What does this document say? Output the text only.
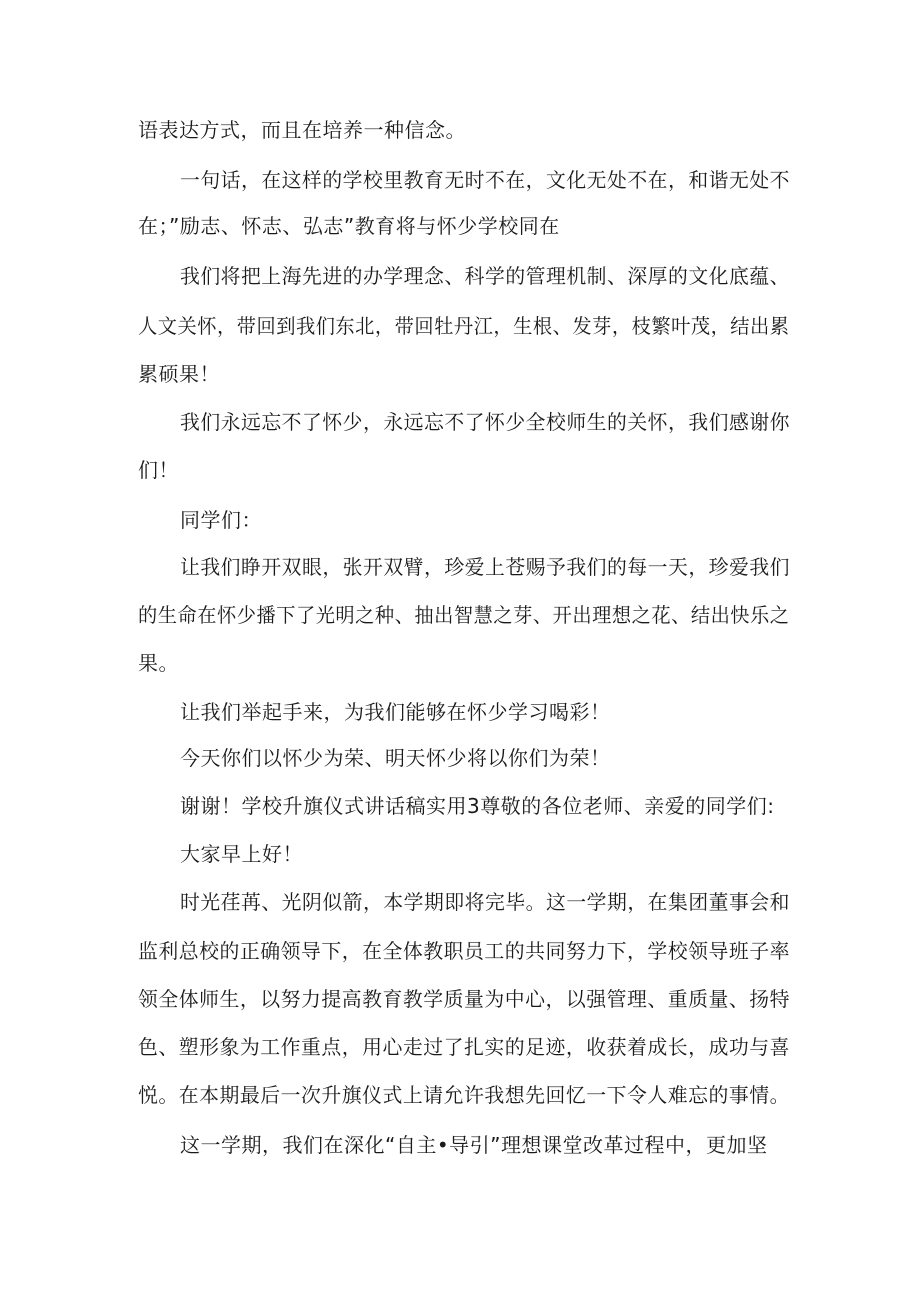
语表达方式，而且在培养一种信念。
一句话，在这样的学校里教育无时不在，文化无处不在，和谐无处不
在；”励志、怀志、弘志”教育将与怀少学校同在
我们将把上海先进的办学理念、科学的管理机制、深厚的文化底蕴、
人文关怀，带回到我们东北，带回牡丹江，生根、发芽，枝繁叶茂，结出累
累硕果！
我们永远忘不了怀少，永远忘不了怀少全校师生的关怀，我们感谢你
们！
同学们：
让我们睁开双眼，张开双臂，珍爱上苍赐予我们的每一天，珍爱我们
的生命在怀少播下了光明之种、抽出智慧之芽、开出理想之花、结出快乐之
果。
让我们举起手来，为我们能够在怀少学习喝彩！
今天你们以怀少为荣、明天怀少将以你们为荣！
谢谢！学校升旗仪式讲话稿实用3尊敬的各位老师、亲爱的同学们:
大家早上好！
时光荏苒、光阴似箭，本学期即将完毕。这一学期，在集团董事会和
监利总校的正确领导下，在全体教职员工的共同努力下，学校领导班子率
领全体师生，以努力提高教育教学质量为中心，以强管理、重质量、扬特
色、塑形象为工作重点，用心走过了扎实的足迹，收获着成长，成功与喜
悦。在本期最后一次升旗仪式上请允许我想先回忆一下令人难忘的事情。
这一学期，我们在深化“自主•导引”理想课堂改革过程中，更加坚
